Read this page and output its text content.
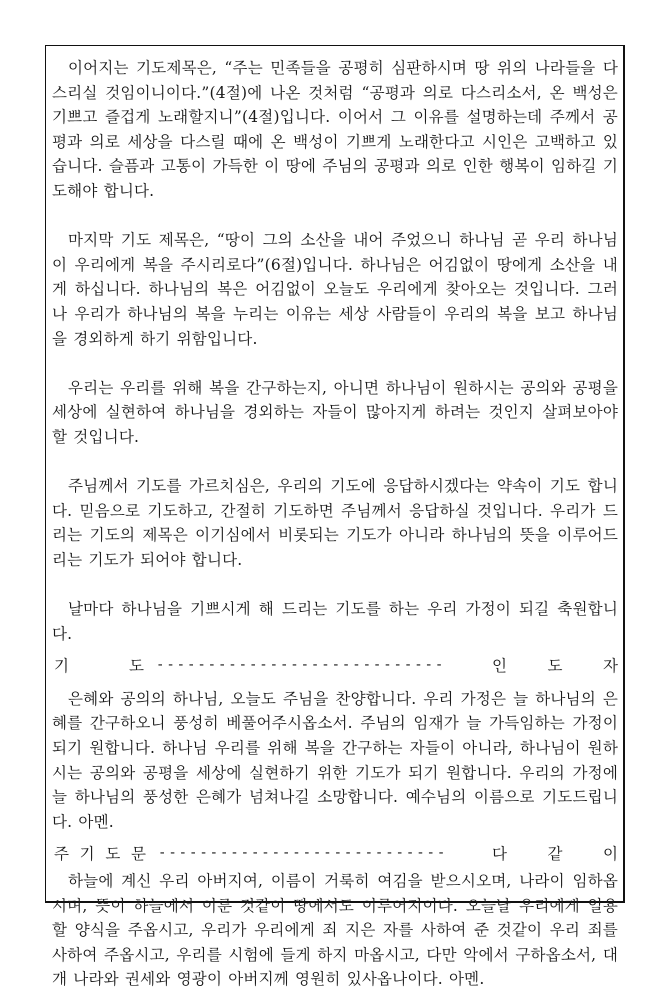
이어지는 기도제목은, “주는 민족들을 공평히 심판하시며 땅 위의 나라들을 다스리실 것임이니이다.”(4절)에 나온 것처럼 “공평과 의로 다스리소서, 온 백성은 기쁘고 즐겁게 노래할지니”(4절)입니다. 이어서 그 이유를 설명하는데 주께서 공평과 의로 세상을 다스릴 때에 온 백성이 기쁘게 노래한다고 시인은 고백하고 있습니다. 슬픔과 고통이 가득한 이 땅에 주님의 공평과 의로 인한 행복이 임하길 기도해야 합니다.

마지막 기도 제목은, “땅이 그의 소산을 내어 주었으니 하나님 곧 우리 하나님이 우리에게 복을 주시리로다”(6절)입니다. 하나님은 어김없이 땅에게 소산을 내게 하십니다. 하나님의 복은 어김없이 오늘도 우리에게 찾아오는 것입니다. 그러나 우리가 하나님의 복을 누리는 이유는 세상 사람들이 우리의 복을 보고 하나님을 경외하게 하기 위함입니다.

우리는 우리를 위해 복을 간구하는지, 아니면 하나님이 원하시는 공의와 공평을 세상에 실현하여 하나님을 경외하는 자들이 많아지게 하려는 것인지 살펴보아야 할 것입니다.

주님께서 기도를 가르치심은, 우리의 기도에 응답하시겠다는 약속이 기도 합니다. 믿음으로 기도하고, 간절히 기도하면 주님께서 응답하실 것입니다. 우리가 드리는 기도의 제목은 이기심에서 비롯되는 기도가 아니라 하나님의 뜻을 이루어드리는 기도가 되어야 합니다.

날마다 하나님을 기쁘시게 해 드리는 기도를 하는 우리 가정이 되길 축원합니다.

기	도 ----------------------------	인	도	자

은혜와 공의의 하나님, 오늘도 주님을 찬양합니다. 우리 가정은 늘 하나님의 은혜를 간구하오니 풍성히 베풀어주시옵소서. 주님의 임재가 늘 가득임하는 가정이 되기 원합니다. 하나님 우리를 위해 복을 간구하는 자들이 아니라, 하나님이 원하시는 공의와 공평을 세상에 실현하기 위한 기도가 되기 원합니다. 우리의 가정에 늘 하나님의 풍성한 은혜가 넘쳐나길 소망합니다. 예수님의 이름으로 기도드립니다. 아멘.

주 기 도 문 ----------------------------	다	같	이

하늘에 계신 우리 아버지여, 이름이 거룩히 여김을 받으시오며, 나라이 임하옵시며, 뜻이 하늘에서 이룬 것같이 땅에서도 이루어지이다. 오늘날 우리에게 일용할 양식을 주옵시고, 우리가 우리에게 죄 지은 자를 사하여 준 것같이 우리 죄를 사하여 주옵시고, 우리를 시험에 들게 하지 마옵시고, 다만 악에서 구하옵소서, 대개 나라와 권세와 영광이 아버지께 영원히 있사옵나이다. 아멘.
